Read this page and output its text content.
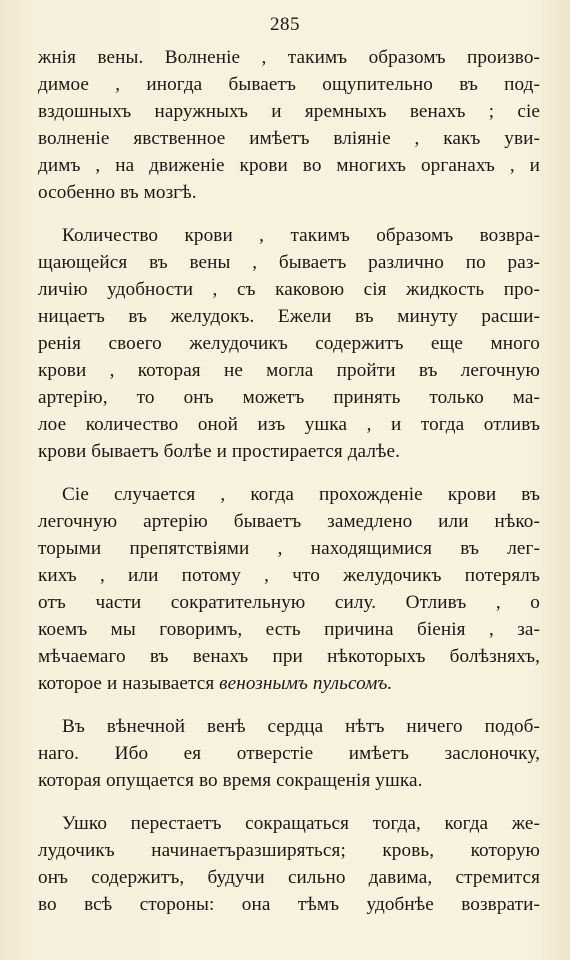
285

жнія вены. Волненіе , такимъ образомъ произво-
димое , иногда бываетъ ощупительно въ под-
вздошныхъ наружныхъ и яремныхъ венахъ ; сіе
волненіе явственное имѣетъ вліяніе , какъ уви-
димъ , на движеніе крови во многихъ органахъ , и
особенно въ мозгѣ.

Количество крови , такимъ образомъ возвра-
щающейся въ вены , бываетъ различно по раз-
личію удобности , съ каковою сія жидкость про-
ницаетъ въ желудокъ. Ежели въ минуту расши-
ренія своего желудочикъ содержитъ еще много
крови , которая не могла пройти въ легочную
артерію, то онъ можетъ принять только ма-
лое количество оной изъ ушка , и тогда отливъ
крови бываетъ болѣе и простирается далѣе.

Сіе случается , когда прохожденіе крови въ
легочную артерію бываетъ замедлено или нѣко-
торыми препятствіями , находящимися въ лег-
кихъ , или потому , что желудочикъ потерялъ
отъ части сократительную силу. Отливъ , о
коемъ мы говоримъ, есть причина біенія , за-
мѣчаемаго въ венахъ при нѣкоторыхъ болѣзняхъ,
которое и называется венознымъ пульсомъ.

Въ вѣнечной венѣ сердца нѣтъ ничего подоб-
наго. Ибо ея отверстіе имѣетъ заслоночку,
которая опущается во время сокращенія ушка.

Ушко перестаетъ сокращаться тогда, когда же-
лудочикъ начинаетъразширяться; кровь, которую
онъ содержитъ, будучи сильно давима, стремится
во всѣ стороны: она тѣмъ удобнѣе возврати-
